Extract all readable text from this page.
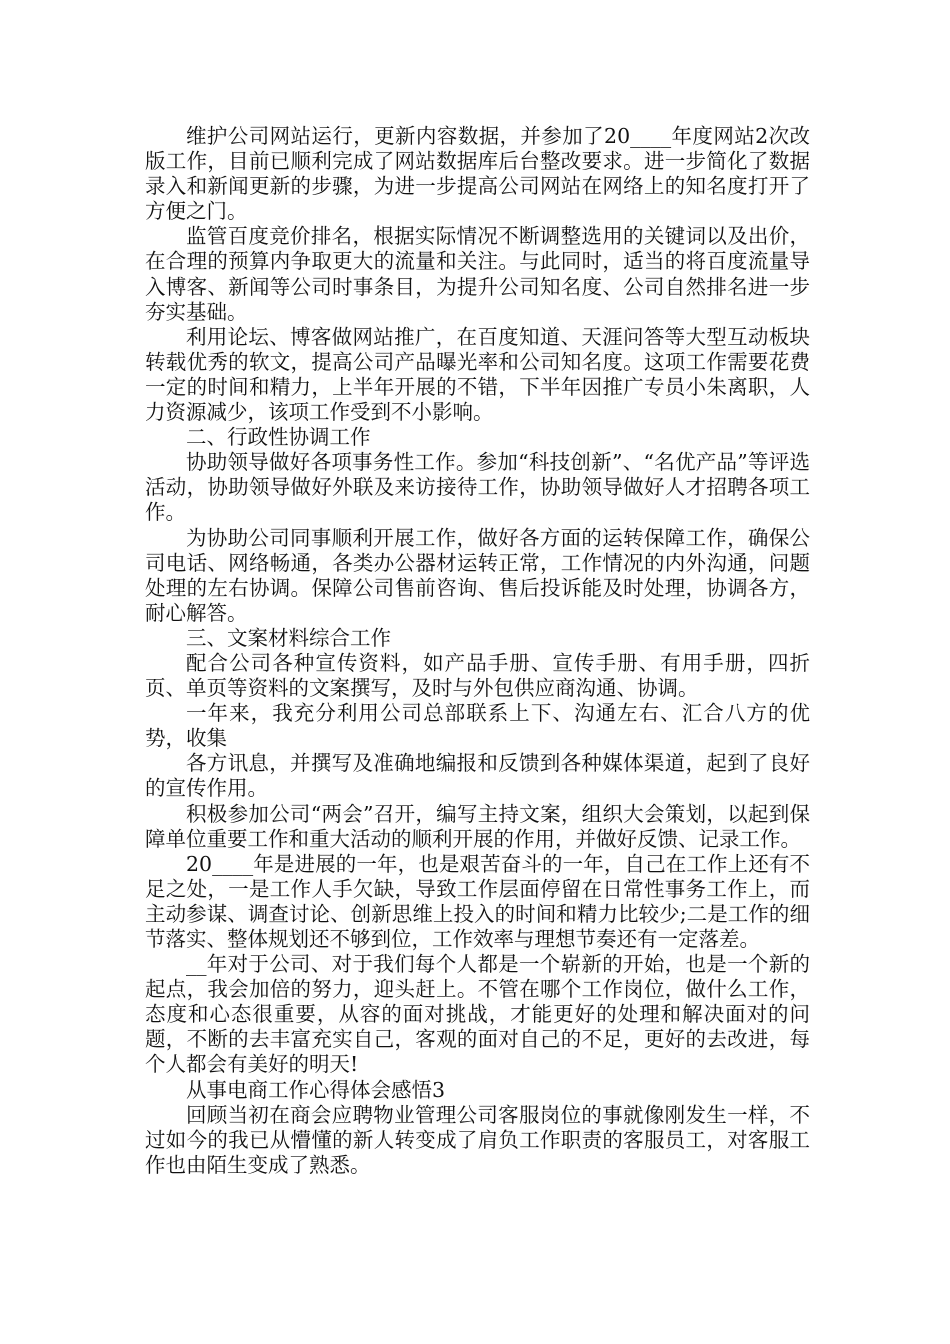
维护公司网站运行，更新内容数据，并参加了20____年度网站2次改版工作，目前已顺利完成了网站数据库后台整改要求。进一步简化了数据录入和新闻更新的步骤，为进一步提高公司网站在网络上的知名度打开了方便之门。

监管百度竞价排名，根据实际情况不断调整选用的关键词以及出价，在合理的预算内争取更大的流量和关注。与此同时，适当的将百度流量导入博客、新闻等公司时事条目，为提升公司知名度、公司自然排名进一步夯实基础。

利用论坛、博客做网站推广，在百度知道、天涯问答等大型互动板块转载优秀的软文，提高公司产品曝光率和公司知名度。这项工作需要花费一定的时间和精力，上半年开展的不错，下半年因推广专员小朱离职，人力资源减少，该项工作受到不小影响。

二、行政性协调工作

协助领导做好各项事务性工作。参加“科技创新”、“名优产品”等评选活动，协助领导做好外联及来访接待工作，协助领导做好人才招聘各项工作。

为协助公司同事顺利开展工作，做好各方面的运转保障工作，确保公司电话、网络畅通，各类办公器材运转正常，工作情况的内外沟通，问题处理的左右协调。保障公司售前咨询、售后投诉能及时处理，协调各方，耐心解答。

三、文案材料综合工作

配合公司各种宣传资料，如产品手册、宣传手册、有用手册，四折页、单页等资料的文案撰写，及时与外包供应商沟通、协调。

一年来，我充分利用公司总部联系上下、沟通左右、汇合八方的优势，收集

各方讯息，并撰写及准确地编报和反馈到各种媒体渠道，起到了良好的宣传作用。

积极参加公司“两会”召开，编写主持文案，组织大会策划，以起到保障单位重要工作和重大活动的顺利开展的作用，并做好反馈、记录工作。

20____年是进展的一年，也是艰苦奋斗的一年，自己在工作上还有不足之处，一是工作人手欠缺，导致工作层面停留在日常性事务工作上，而主动参谋、调查讨论、创新思维上投入的时间和精力比较少;二是工作的细节落实、整体规划还不够到位，工作效率与理想节奏还有一定落差。

__年对于公司、对于我们每个人都是一个崭新的开始，也是一个新的起点，我会加倍的努力，迎头赶上。不管在哪个工作岗位，做什么工作，态度和心态很重要，从容的面对挑战，才能更好的处理和解决面对的问题，不断的去丰富充实自己，客观的面对自己的不足，更好的去改进，每个人都会有美好的明天!

从事电商工作心得体会感悟3

回顾当初在商会应聘物业管理公司客服岗位的事就像刚发生一样，不过如今的我已从懵懂的新人转变成了肩负工作职责的客服员工，对客服工作也由陌生变成了熟悉。
